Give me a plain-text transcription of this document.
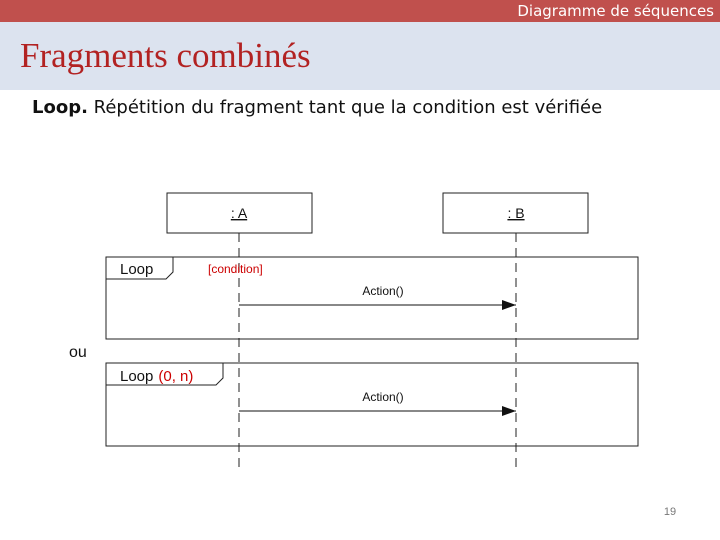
Diagramme de séquences
Fragments combinés
Loop. Répétition du fragment tant que la condition est vérifiée
: A	: B
Loop	[condition]
Action()
ou
Loop (0, n)
Action()
19
